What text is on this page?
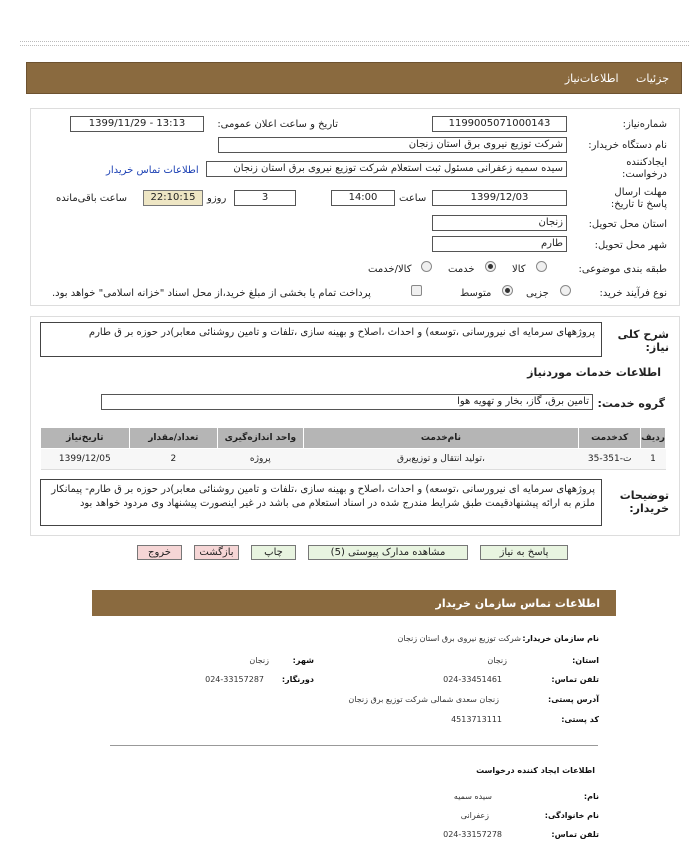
جزئیات اطلاعات‌نیاز
شماره‌نیاز:
1199005071000143
تاریخ و ساعت اعلان عمومی:
1399/11/29 - 13:13
نام دستگاه خریدار:
شرکت توزیع نیروی برق استان زنجان
ایجادکننده درخواست:
سیده سمیه زعفرانی مسئول ثبت استعلام شرکت توزیع نیروی برق استان زنجان
اطلاعات تماس خریدار
مهلت ارسال پاسخ تا تاریخ:
1399/12/03
ساعت
14:00
3
روزو
22:10:15
ساعت باقی‌مانده
استان محل تحویل:
زنجان
شهر محل تحویل:
طارم
طبقه بندی موضوعی:
کالا
خدمت
کالا/خدمت
نوع فرآیند خرید:
جزیی
متوسط
پرداخت تمام یا بخشی از مبلغ خرید،از محل اسناد "خزانه اسلامی" خواهد بود.
شرح کلی نیاز:
پروژههای سرمایه ای نیرورسانی ،توسعه) و احداث ،اصلاح و بهینه سازی ،تلفات و تامین روشنائی معابر)در حوزه بر ق طارم
اطلاعات خدمات موردنیاز
گروه خدمت:
تامین برق، گاز، بخار و تهویه هوا
ردیف	کدخدمت	نام‌خدمت	واحد اندازه‌گیری	تعداد/مقدار	تاریخ‌نیاز
1	ت-351-35	،تولید انتقال و توزیع‌برق	پروژه	2	1399/12/05
توضیحات خریدار:
پروژههای سرمایه ای نیرورسانی ،توسعه) و احداث ،اصلاح و بهینه سازی ،تلفات و تامین روشنائی معابر)در حوزه بر ق طارم- پیمانکار ملزم به ارائه پیشنهادقیمت طبق شرایط مندرج شده در اسناد استعلام می باشد در غیر اینصورت پیشنهاد وی مردود خواهد بود
پاسخ به نیاز
مشاهده مدارک پیوستی (5)
چاپ
بازگشت
خروج
اطلاعات تماس سازمان خریدار
نام سازمان خریدار:
شرکت توزیع نیروی برق استان زنجان
استان:
زنجان
شهر:
زنجان
تلفن تماس:
024-33451461
دورنگار:
024-33157287
آدرس پستی:
زنجان سعدی شمالی شرکت توزیع برق زنجان
کد پستی:
4513713111
اطلاعات ایجاد کننده درخواست
نام:
سیده سمیه
نام خانوادگی:
زعفرانی
تلفن تماس:
024-33157278
